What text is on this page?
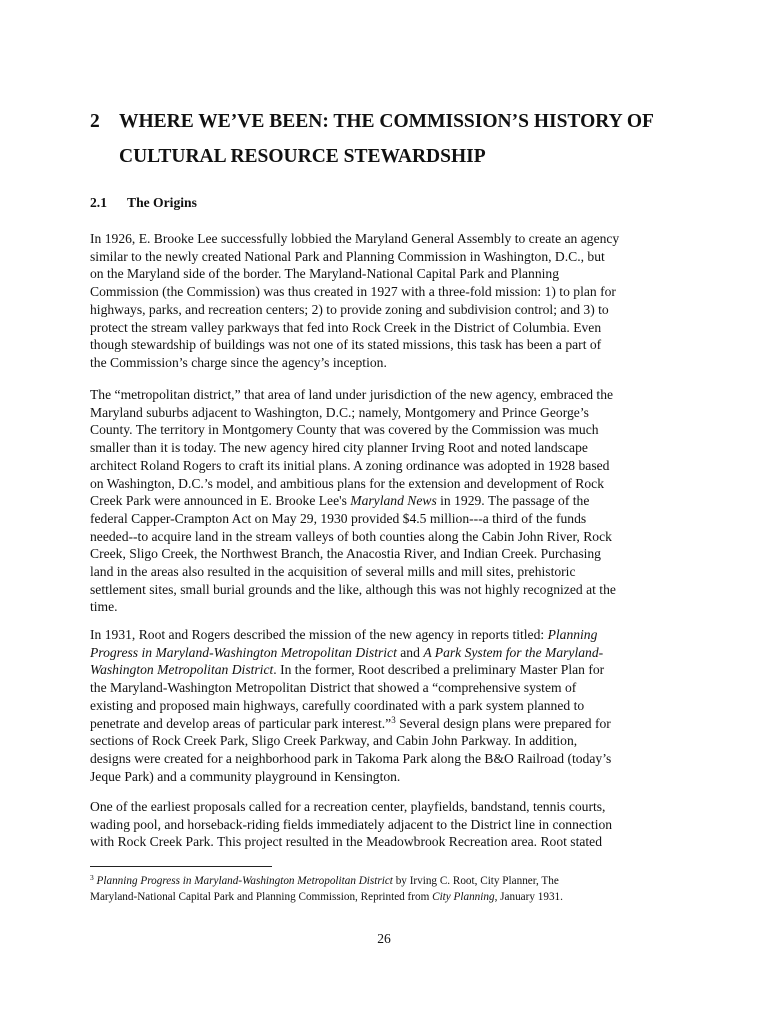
2 WHERE WE’VE BEEN: THE COMMISSION’S HISTORY OF
CULTURAL RESOURCE STEWARDSHIP
2.1 The Origins

In 1926, E. Brooke Lee successfully lobbied the Maryland General Assembly to create an agency
similar to the newly created National Park and Planning Commission in Washington, D.C., but
on the Maryland side of the border. The Maryland-National Capital Park and Planning
Commission (the Commission) was thus created in 1927 with a three-fold mission: 1) to plan for
highways, parks, and recreation centers; 2) to provide zoning and subdivision control; and 3) to
protect the stream valley parkways that fed into Rock Creek in the District of Columbia. Even
though stewardship of buildings was not one of its stated missions, this task has been a part of
the Commission’s charge since the agency’s inception.

The “metropolitan district,” that area of land under jurisdiction of the new agency, embraced the
Maryland suburbs adjacent to Washington, D.C.; namely, Montgomery and Prince George’s
County. The territory in Montgomery County that was covered by the Commission was much
smaller than it is today. The new agency hired city planner Irving Root and noted landscape
architect Roland Rogers to craft its initial plans. A zoning ordinance was adopted in 1928 based
on Washington, D.C.’s model, and ambitious plans for the extension and development of Rock
Creek Park were announced in E. Brooke Lee's Maryland News in 1929. The passage of the
federal Capper-Crampton Act on May 29, 1930 provided $4.5 million---a third of the funds
needed--to acquire land in the stream valleys of both counties along the Cabin John River, Rock
Creek, Sligo Creek, the Northwest Branch, the Anacostia River, and Indian Creek. Purchasing
land in the areas also resulted in the acquisition of several mills and mill sites, prehistoric
settlement sites, small burial grounds and the like, although this was not highly recognized at the
time.

In 1931, Root and Rogers described the mission of the new agency in reports titled: Planning
Progress in Maryland-Washington Metropolitan District and A Park System for the Maryland-
Washington Metropolitan District. In the former, Root described a preliminary Master Plan for
the Maryland-Washington Metropolitan District that showed a “comprehensive system of
existing and proposed main highways, carefully coordinated with a park system planned to
penetrate and develop areas of particular park interest.”$^3$ Several design plans were prepared for
sections of Rock Creek Park, Sligo Creek Parkway, and Cabin John Parkway. In addition,
designs were created for a neighborhood park in Takoma Park along the B&O Railroad (today’s
Jeque Park) and a community playground in Kensington.

One of the earliest proposals called for a recreation center, playfields, bandstand, tennis courts,
wading pool, and horseback-riding fields immediately adjacent to the District line in connection
with Rock Creek Park. This project resulted in the Meadowbrook Recreation area. Root stated

$^3$ Planning Progress in Maryland-Washington Metropolitan District by Irving C. Root, City Planner, The
Maryland-National Capital Park and Planning Commission, Reprinted from City Planning, January 1931.

26
